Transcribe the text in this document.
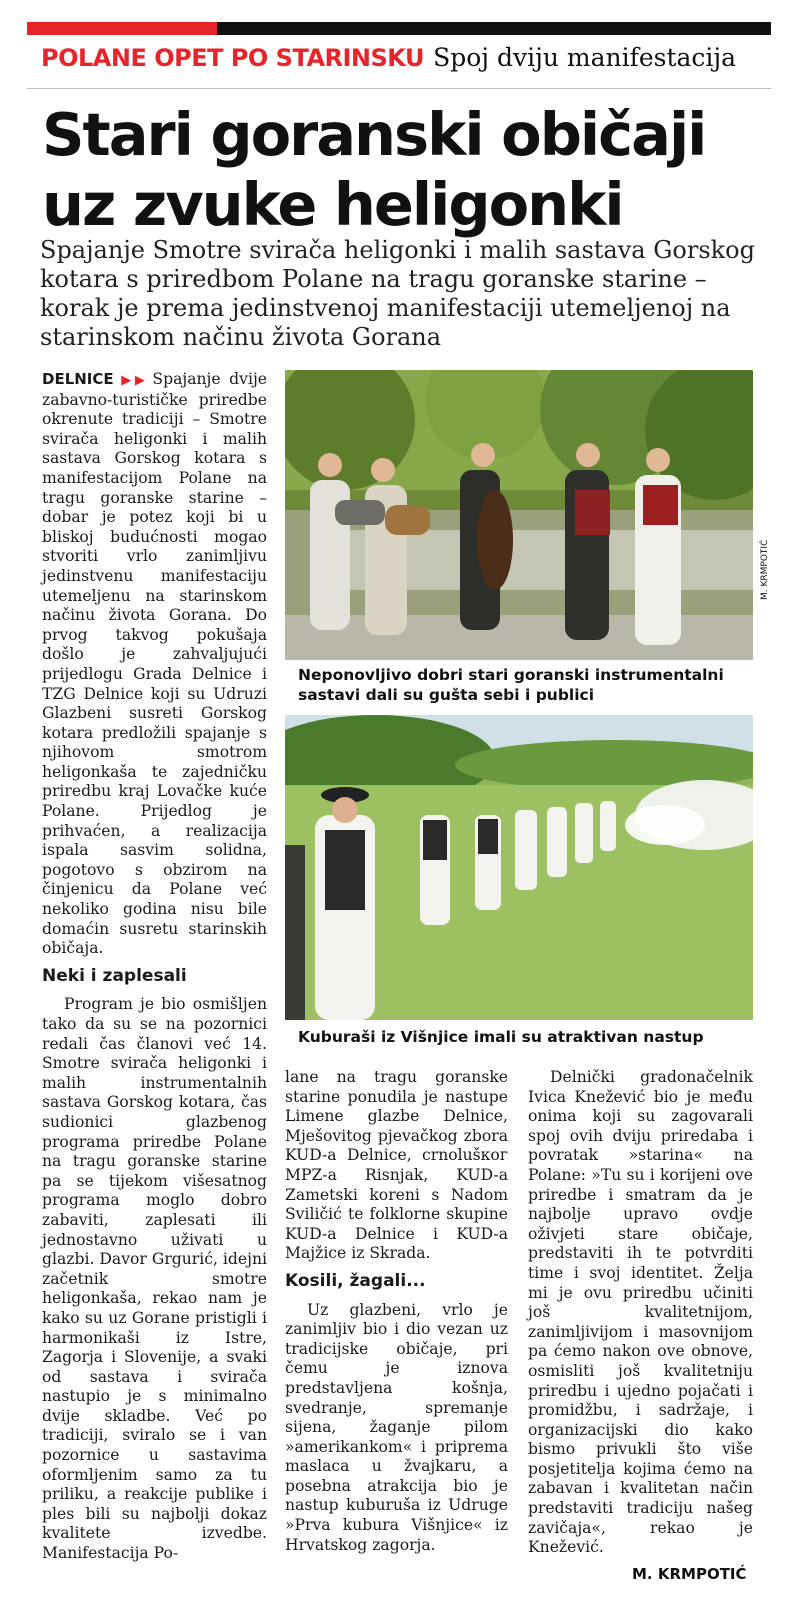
POLANE OPET PO STARINSKU Spoj dviju manifestacija
Stari goranski običaji
uz zvuke heligonki

Spajanje Smotre svirača heligonki i malih sastava Gorskog kotara s priredbom Polane na tragu goranske starine – korak je prema jedinstvenoj manifestaciji utemeljenoj na starinskom načinu života Gorana

DELNICE ▶▶ Spajanje dvije zabavno-turističke priredbe okrenute tradiciji – Smotre svirača heligonki i malih sastava Gorskog kotara s manifestacijom Polane na tragu goranske starine – dobar je potez koji bi u bliskoj budućnosti mogao stvoriti vrlo zanimljivu jedinstvenu manifestaciju utemeljenu na starinskom načinu života Gorana. Do prvog takvog pokušaja došlo je zahvaljujući prijedlogu Grada Delnice i TZG Delnice koji su Udruzi Glazbeni susreti Gorskog kotara predložili spajanje s njihovom smotrom heligonkaša te zajedničku priredbu kraj Lovačke kuće Polane. Prijedlog je prihvaćen, a realizacija ispala sasvim solidna, pogotovo s obzirom na činjenicu da Polane već nekoliko godina nisu bile domaćin susretu starinskih običaja.

Neki i zaplesali

Program je bio osmišljen tako da su se na pozornici redali čas članovi već 14. Smotre svirača heligonki i malih instrumentalnih sastava Gorskog kotara, čas sudionici glazbenog programa priredbe Polane na tragu goranske starine pa se tijekom višesatnog programa moglo dobro zabaviti, zaplesati ili jednostavno uživati u glazbi. Davor Grgurić, idejni začetnik smotre heligonkaša, rekao nam je kako su uz Gorane pristigli i harmonikaši iz Istre, Zagorja i Slovenije, a svaki od sastava i svirača nastupio je s minimalno dvije skladbe. Već po tradiciji, sviralo se i van pozornice u sastavima oformljenim samo za tu priliku, a reakcije publike i ples bili su najbolji dokaz kvalitete izvedbe. Manifestacija Po-

M. KRMPOTIĆ
Neponovljivo dobri stari goranski instrumentalni sastavi dali su gušta sebi i publici
Kuburaši iz Višnjice imali su atraktivan nastup

lane na tragu goranske starine ponudila je nastupe Limene glazbe Delnice, Mješovitog pjevačkog zbora KUD-a Delnice, crnolušког MPZ-a Risnjak, KUD-a Zametski koreni s Nadom Sviličić te folklorne skupine KUD-a Delnice i KUD-a Majžice iz Skrada.

Kosili, žagali...

Uz glazbeni, vrlo je zanimljiv bio i dio vezan uz tradicijske običaje, pri čemu je iznova predstavljena košnja, svedranje, spremanje sijena, žaganje pilom »amerikankom« i priprema maslaca u žvajkaru, a posebna atrakcija bio je nastup kuburuša iz Udruge »Prva kubura Višnjice« iz Hrvatskog zagorja.

Delnički gradonačelnik Ivica Knežević bio je među onima koji su zagovarali spoj ovih dviju priredaba i povratak »starina« na Polane: »Tu su i korijeni ove priredbe i smatram da je najbolje upravo ovdje oživjeti stare običaje, predstaviti ih te potvrditi time i svoj identitet. Želja mi je ovu priredbu učiniti još kvalitetnijom, zanimljivijom i masovnijom pa ćemo nakon ove obnove, osmisliti još kvalitetniju priredbu i ujedno pojačati i promidžbu, i sadržaje, i organizacijski dio kako bismo privukli što više posjetitelja kojima ćemo na zabavan i kvalitetan način predstaviti tradiciju našeg zavičaja«, rekao je Knežević.

M. KRMPOTIĆ
